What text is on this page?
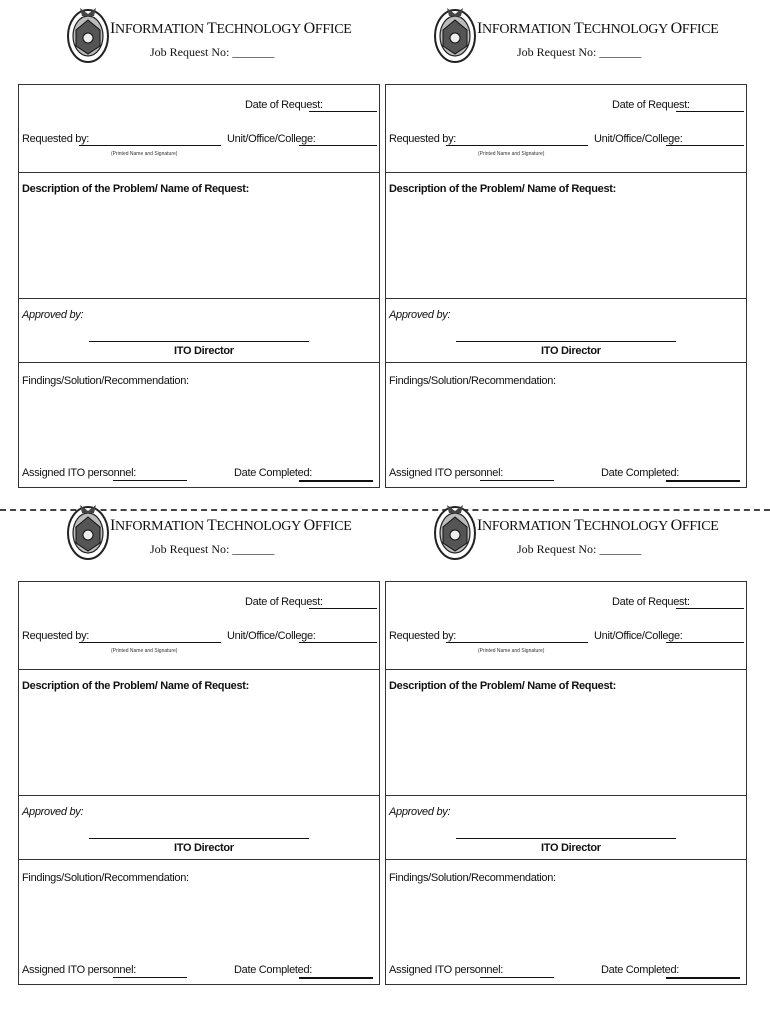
INFORMATION TECHNOLOGY OFFICE
Job Request No: _______
Date of Request:
Requested by:
(Printed Name and Signature)
Unit/Office/College:
Description of the Problem/ Name of Request:
Approved by:
ITO Director
Findings/Solution/Recommendation:
Assigned ITO personnel:	Date Completed:
INFORMATION TECHNOLOGY OFFICE
Job Request No: _______
Date of Request:
Requested by:
(Printed Name and Signature)
Unit/Office/College:
Description of the Problem/ Name of Request:
Approved by:
ITO Director
Findings/Solution/Recommendation:
Assigned ITO personnel:	Date Completed:
INFORMATION TECHNOLOGY OFFICE
Job Request No: _______
Date of Request:
Requested by:
(Printed Name and Signature)
Unit/Office/College:
Description of the Problem/ Name of Request:
Approved by:
ITO Director
Findings/Solution/Recommendation:
Assigned ITO personnel:	Date Completed:
INFORMATION TECHNOLOGY OFFICE
Job Request No: _______
Date of Request:
Requested by:
(Printed Name and Signature)
Unit/Office/College:
Description of the Problem/ Name of Request:
Approved by:
ITO Director
Findings/Solution/Recommendation:
Assigned ITO personnel:	Date Completed:
